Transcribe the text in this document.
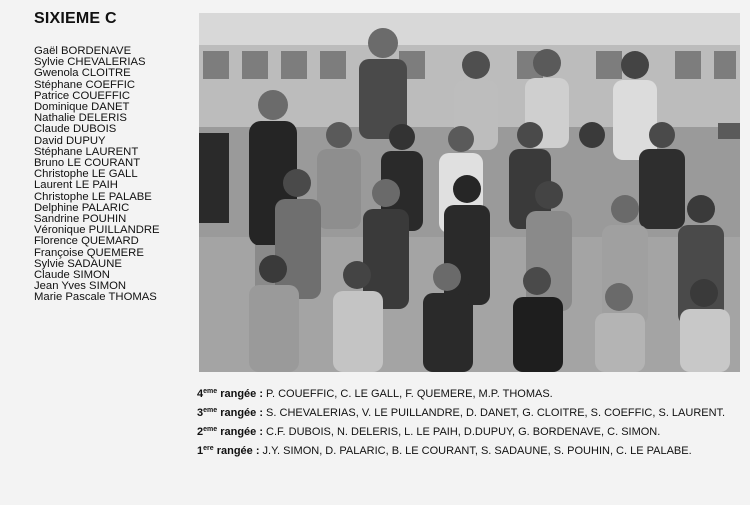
SIXIEME C
Gaël BORDENAVE
Sylvie CHEVALERIAS
Gwenola CLOITRE
Stéphane COEFFIC
Patrice COUEFFIC
Dominique DANET
Nathalie DELERIS
Claude DUBOIS
David DUPUY
Stéphane LAURENT
Bruno LE COURANT
Christophe LE GALL
Laurent LE PAIH
Christophe LE PALABE
Delphine PALARIC
Sandrine POUHIN
Véronique PUILLANDRE
Florence QUEMARD
Françoise QUEMERE
Sylvie SADAUNE
Claude SIMON
Jean Yves SIMON
Marie Pascale THOMAS
4eme rangée : P. COUEFFIC, C. LE GALL, F. QUEMERE, M.P. THOMAS.
3eme rangée : S. CHEVALERIAS, V. LE PUILLANDRE, D. DANET, G. CLOITRE, S. COEFFIC, S. LAURENT.
2eme rangée : C.F. DUBOIS, N. DELERIS, L. LE PAIH, D.DUPUY, G. BORDENAVE, C. SIMON.
1ere rangée : J.Y. SIMON, D. PALARIC, B. LE COURANT, S. SADAUNE, S. POUHIN, C. LE PALABE.
